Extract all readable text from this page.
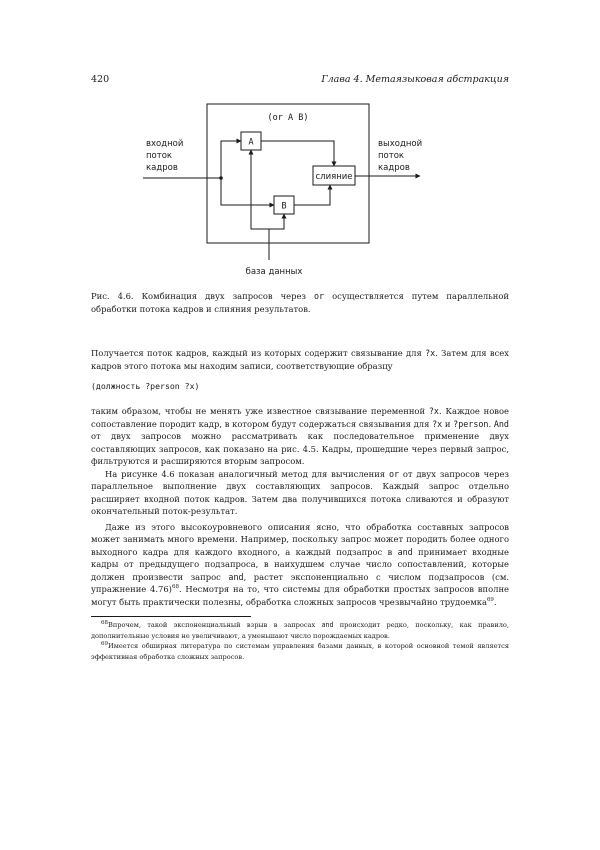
420	Глава 4. Метаязыковая абстракция
(or A B)
A
B
слияние
входной
поток
кадров
выходной
поток
кадров
база данных
Рис. 4.6. Комбинация двух запросов через or осуществляется путем параллельной обработки потока кадров и слияния результатов.

Получается поток кадров, каждый из которых содержит связывание для ?x. Затем для всех кадров этого потока мы находим записи, соответствующие образцу

(должность ?person ?x)

таким образом, чтобы не менять уже известное связывание переменной ?x. Каждое новое сопоставление породит кадр, в котором будут содержаться связывания для ?x и ?person. And от двух запросов можно рассматривать как последовательное применение двух составляющих запросов, как показано на рис. 4.5. Кадры, прошедшие через первый запрос, фильтруются и расширяются вторым запросом.

На рисунке 4.6 показан аналогичный метод для вычисления or от двух запросов через параллельное выполнение двух составляющих запросов. Каждый запрос отдельно расширяет входной поток кадров. Затем два получившихся потока сливаются и образуют окончательный поток-результат.

Даже из этого высокоуровневого описания ясно, что обработка составных запросов может занимать много времени. Например, поскольку запрос может породить более одного выходного кадра для каждого входного, а каждый подзапрос в and принимает входные кадры от предыдущего подзапроса, в наихудшем случае число сопоставлений, которые должен произвести запрос and, растет экспоненциально с числом подзапросов (см. упражнение 4.76)$^{68}$. Несмотря на то, что системы для обработки простых запросов вполне могут быть практически полезны, обработка сложных запросов чрезвычайно трудоемка$^{69}$.

$^{68}$Впрочем, такой экспоненциальный взрыв в запросах and происходит редко, поскольку, как правило, дополнительные условия не увеличивают, а уменьшают число порождаемых кадров.

$^{69}$Имеется обширная литература по системам управления базами данных, в которой основной темой является эффективная обработка сложных запросов.
